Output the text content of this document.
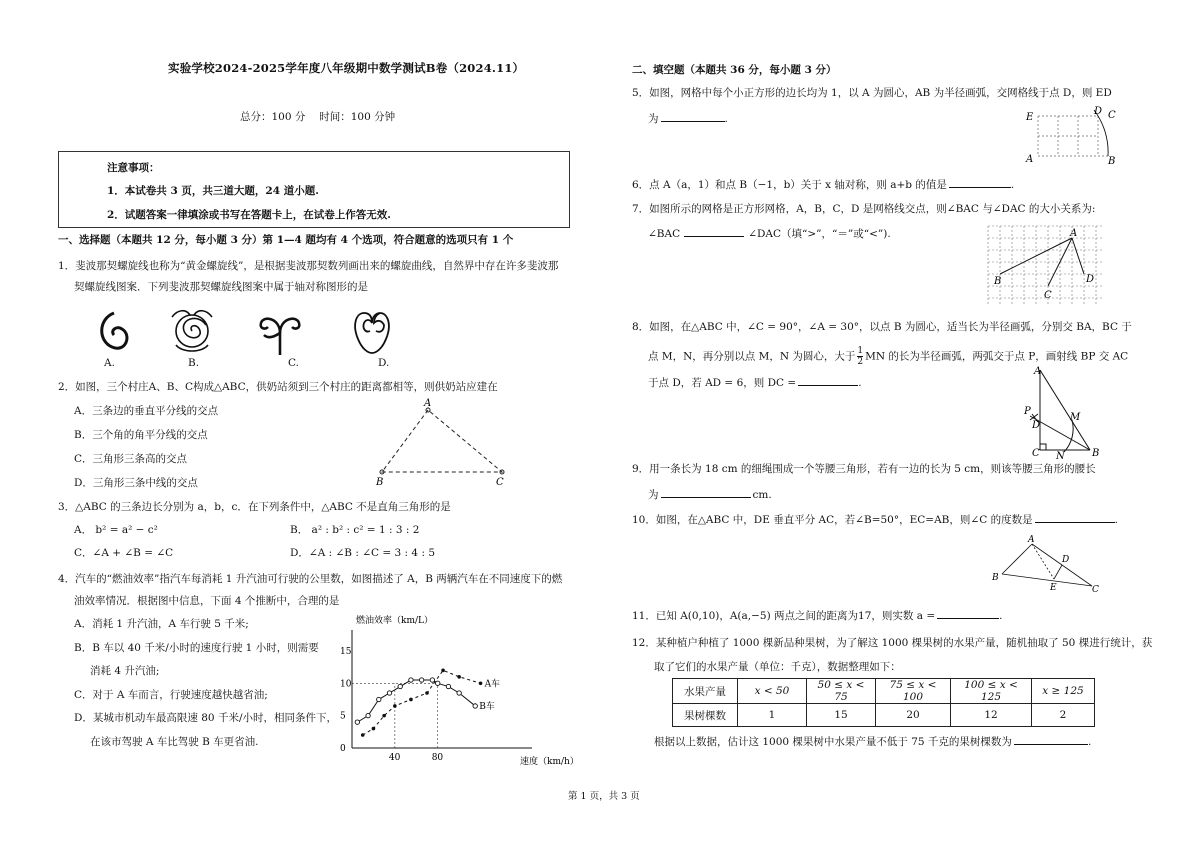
实验学校2024-2025学年度八年级期中数学测试B卷（2024.11）
总分：100 分　 时间：100 分钟
注意事项：
1．本试卷共 3 页，共三道大题，24 道小题.
2．试题答案一律填涂或书写在答题卡上，在试卷上作答无效.
一、选择题（本题共 12 分，每小题 3 分）第 1—4 题均有 4 个选项，符合题意的选项只有 1 个
1．斐波那契螺旋线也称为“黄金螺旋线”，是根据斐波那契数列画出来的螺旋曲线，自然界中存在许多斐波那
契螺旋线图案．下列斐波那契螺旋线图案中属于轴对称图形的是
A.	B.	C.	D.
2．如图，三个村庄A、B、C构成△ABC，供奶站须到三个村庄的距离都相等，则供奶站应建在
A．三条边的垂直平分线的交点
B．三个角的角平分线的交点
C．三角形三条高的交点
D．三角形三条中线的交点
A
B	C
3．△ABC 的三条边长分别为 a，b，c．在下列条件中，△ABC 不是直角三角形的是
A． b² = a² − c²	B． a² : b² : c² = 1 : 3 : 2
C．∠A + ∠B = ∠C	D．∠A : ∠B : ∠C = 3 : 4 : 5
4．汽车的“燃油效率”指汽车每消耗 1 升汽油可行驶的公里数，如图描述了 A，B 两辆汽车在不同速度下的燃
油效率情况．根据图中信息，下面 4 个推断中，合理的是
A．消耗 1 升汽油，A 车行驶 5 千米;
B．B 车以 40 千米/小时的速度行驶 1 小时，则需要
消耗 4 升汽油;
C．对于 A 车而言，行驶速度越快越省油;
D．某城市机动车最高限速 80 千米/小时，相同条件下，
在该市驾驶 A 车比驾驶 B 车更省油.
燃油效率（km/L）
速度（km/h）
0
5
10
15
40	80
A车
B车
二、填空题（本题共 36 分，每小题 3 分）
5．如图，网格中每个小正方形的边长均为 1，以 A 为圆心，AB 为半径画弧，交网格线于点 D，则 ED
为	.	E
D C
A	B
6．点 A（a，1）和点 B（−1，b）关于 x 轴对称，则 a+b 的值是	.
7．如图所示的网格是正方形网格，A，B，C，D 是网格线交点，则∠BAC 与∠DAC 的大小关系为:
∠BAC	∠DAC（填“>”，“＝”或“<”).	A
B
C
D
8．如图，在△ABC 中，∠C = 90°，∠A = 30°，以点 B 为圆心，适当长为半径画弧，分别交 BA，BC 于
点 M，N，再分别以点 M，N 为圆心，大于 $\frac{1}{2}$ MN 的长为半径画弧，两弧交于点 P，画射线 BP 交 AC
于点 D，若 AD = 6，则 DC =	.
A
P
D
M
C N	B
9．用一条长为 18 cm 的细绳围成一个等腰三角形，若有一边的长为 5 cm，则该等腰三角形的腰长
为	cm.
10．如图，在△ABC 中，DE 垂直平分 AC，若∠B=50°，EC=AB，则∠C 的度数是	.
A
D
B
E	C
11．已知 A(0,10)，A(a,−5) 两点之间的距离为17，则实数 a =	.
12．某种植户种植了 1000 棵新品种果树，为了解这 1000 棵果树的水果产量，随机抽取了 50 棵进行统计，获
取了它们的水果产量（单位：千克），数据整理如下：
水果产量	x < 50	50 ≤ x < 75	75 ≤ x < 100	100 ≤ x < 125	x ≥ 125
果树棵数	1	15	20	12	2
根据以上数据，估计这 1000 棵果树中水果产量不低于 75 千克的果树棵数为	.
第 1 页，共 3 页
